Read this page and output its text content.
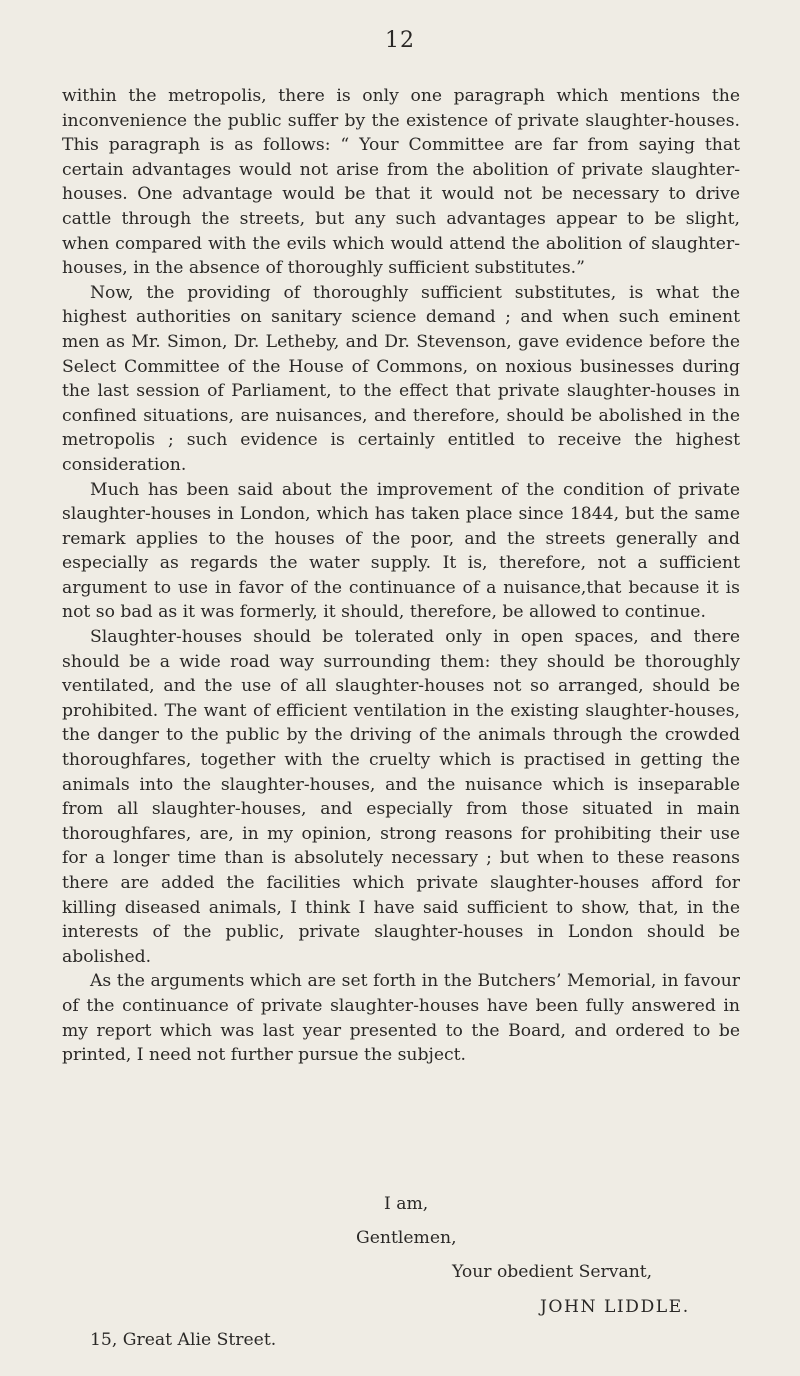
12

within the metropolis, there is only one paragraph which mentions the inconvenience the public suffer by the existence of private slaughter-houses. This paragraph is as follows: “ Your Committee are far from saying that certain advantages would not arise from the abolition of private slaughter-houses. One advantage would be that it would not be necessary to drive cattle through the streets, but any such advantages appear to be slight, when compared with the evils which would attend the abolition of slaughter-houses, in the absence of thoroughly sufficient substitutes.”

Now, the providing of thoroughly sufficient substitutes, is what the highest authorities on sanitary science demand ; and when such eminent men as Mr. Simon, Dr. Letheby, and Dr. Stevenson, gave evidence before the Select Committee of the House of Commons, on noxious businesses during the last session of Parliament, to the effect that private slaughter-houses in confined situations, are nuisances, and therefore, should be abolished in the metropolis ; such evidence is certainly entitled to receive the highest consideration.

Much has been said about the improvement of the condition of private slaughter-houses in London, which has taken place since 1844, but the same remark applies to the houses of the poor, and the streets generally and especially as regards the water supply. It is, therefore, not a sufficient argument to use in favor of the continuance of a nuisance,that because it is not so bad as it was formerly, it should, therefore, be allowed to continue.

Slaughter-houses should be tolerated only in open spaces, and there should be a wide road way surrounding them: they should be thoroughly ventilated, and the use of all slaughter-houses not so arranged, should be prohibited. The want of efficient ventilation in the existing slaughter-houses, the danger to the public by the driving of the animals through the crowded thoroughfares, together with the cruelty which is practised in getting the animals into the slaughter-houses, and the nuisance which is inseparable from all slaughter-houses, and especially from those situated in main thoroughfares, are, in my opinion, strong reasons for prohibiting their use for a longer time than is absolutely necessary ; but when to these reasons there are added the facilities which private slaughter-houses afford for killing diseased animals, I think I have said sufficient to show, that, in the interests of the public, private slaughter-houses in London should be abolished.

As the arguments which are set forth in the Butchers’ Memorial, in favour of the continuance of private slaughter-houses have been fully answered in my report which was last year presented to the Board, and ordered to be printed, I need not further pursue the subject.

I am,
Gentlemen,
Your obedient Servant,
JOHN LIDDLE.
15, Great Alie Street.
